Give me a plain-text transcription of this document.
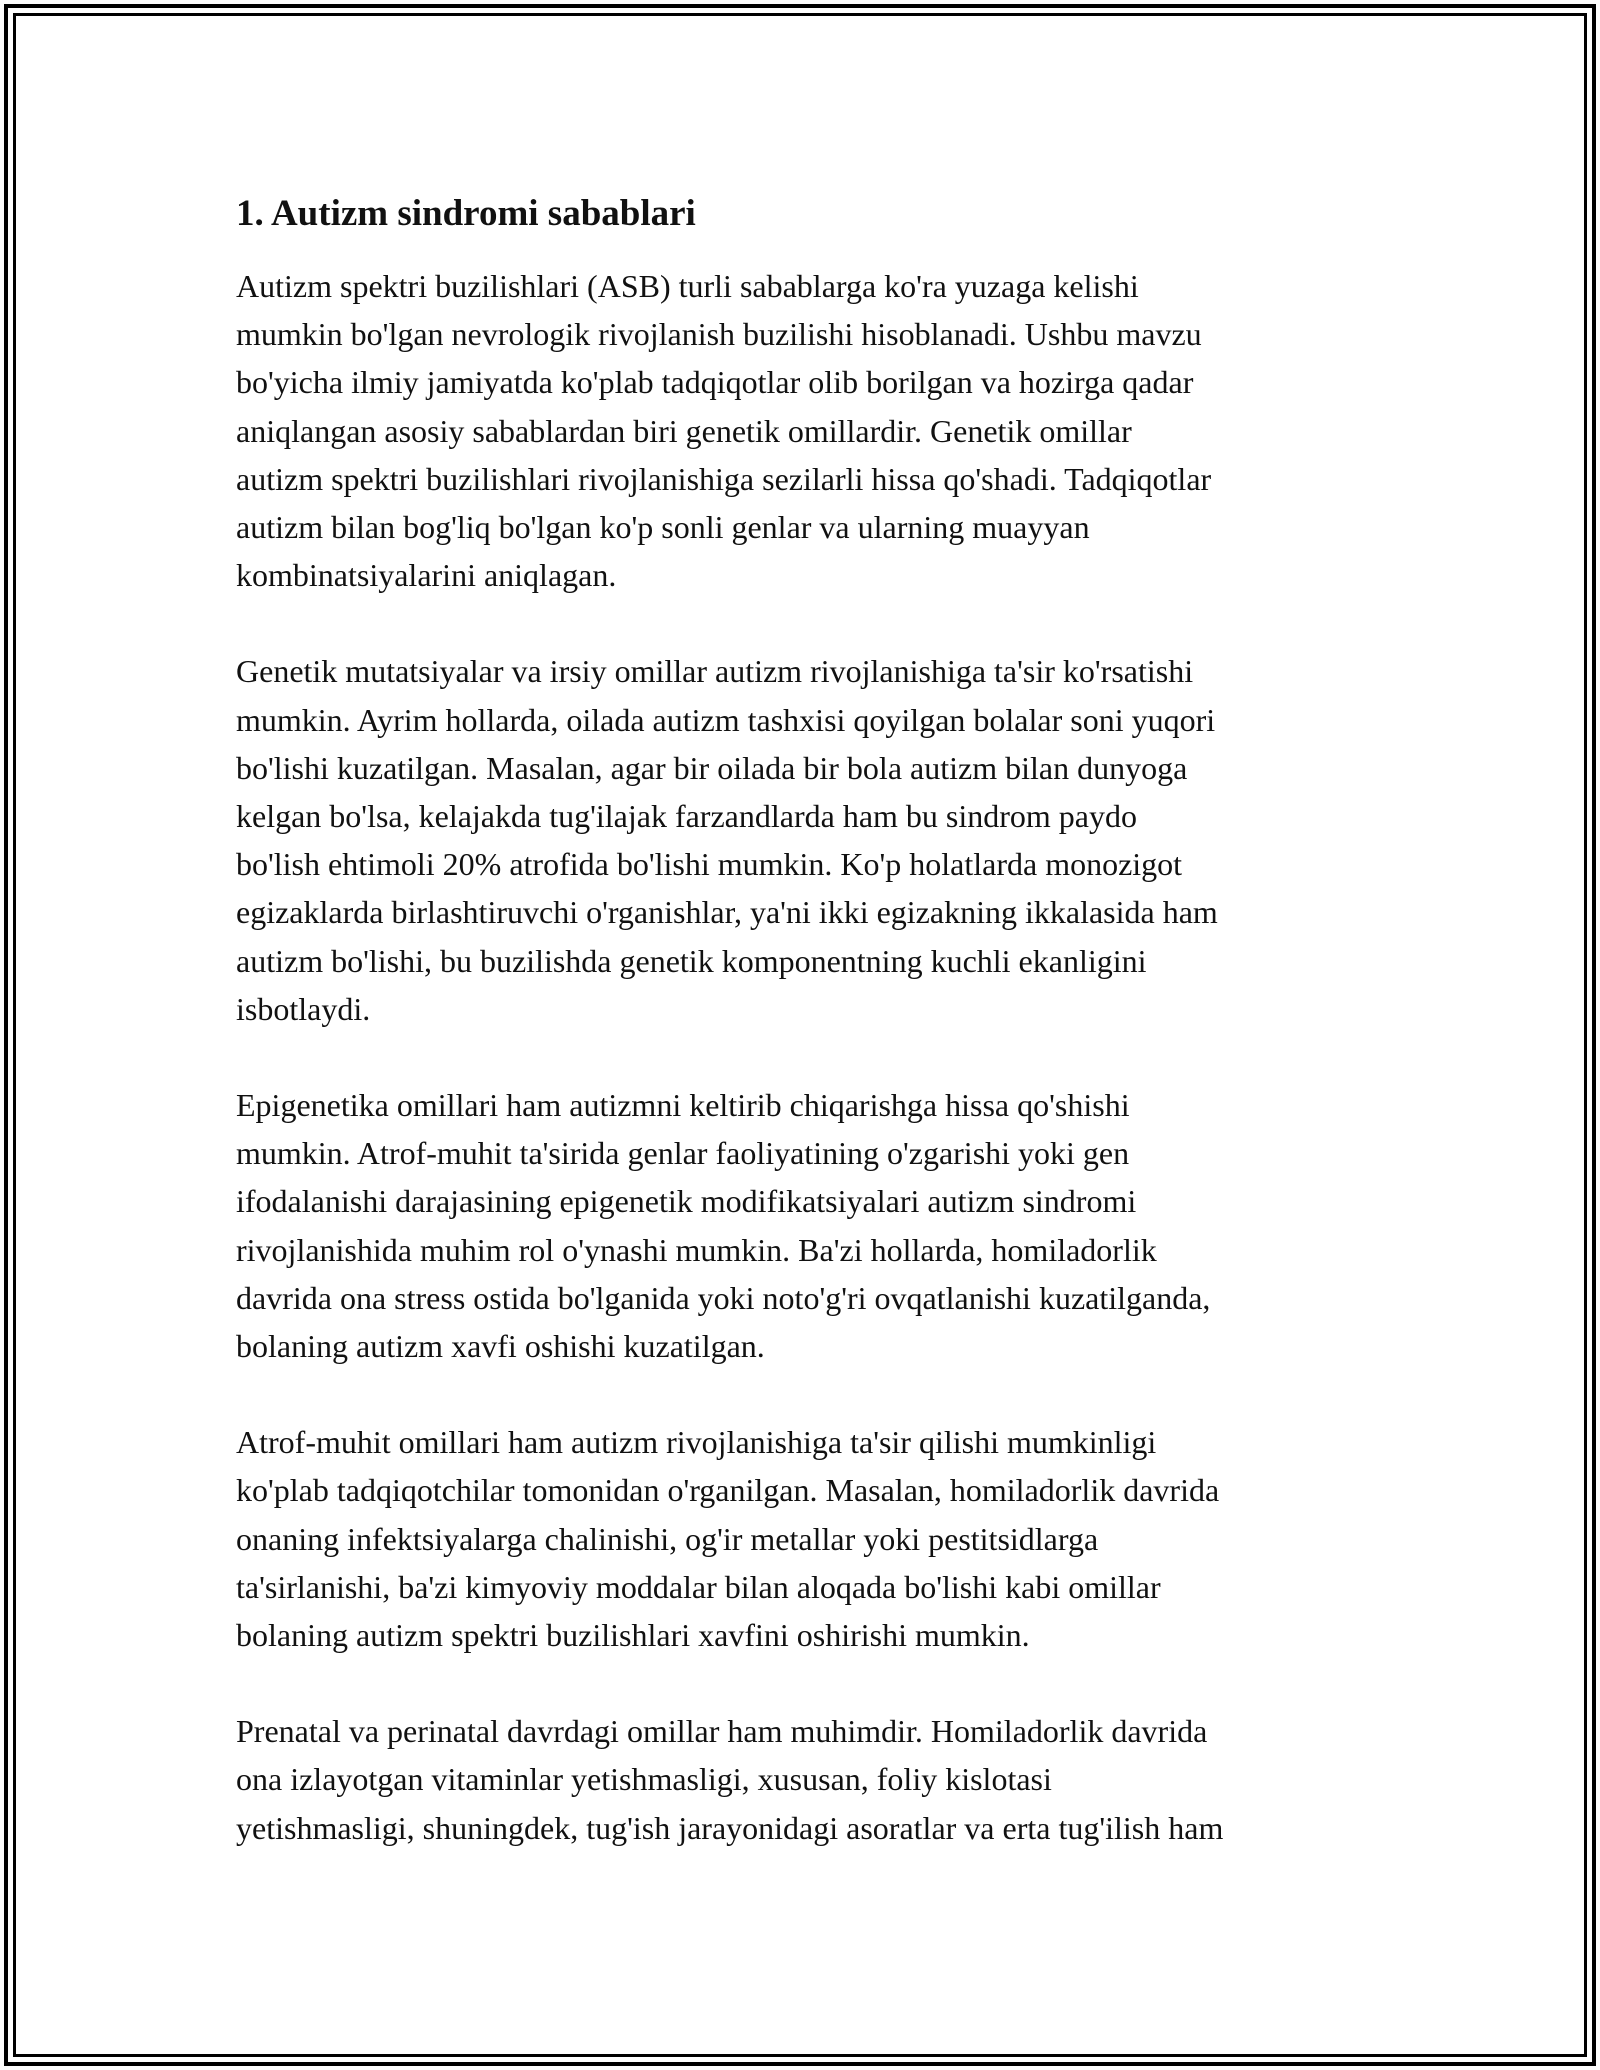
1. Autizm sindromi sabablari

Autizm spektri buzilishlari (ASB) turli sabablarga ko'ra yuzaga kelishi
mumkin bo'lgan nevrologik rivojlanish buzilishi hisoblanadi. Ushbu mavzu
bo'yicha ilmiy jamiyatda ko'plab tadqiqotlar olib borilgan va hozirga qadar
aniqlangan asosiy sabablardan biri genetik omillardir. Genetik omillar
autizm spektri buzilishlari rivojlanishiga sezilarli hissa qo'shadi. Tadqiqotlar
autizm bilan bog'liq bo'lgan ko'p sonli genlar va ularning muayyan
kombinatsiyalarini aniqlagan.

Genetik mutatsiyalar va irsiy omillar autizm rivojlanishiga ta'sir ko'rsatishi
mumkin. Ayrim hollarda, oilada autizm tashxisi qoyilgan bolalar soni yuqori
bo'lishi kuzatilgan. Masalan, agar bir oilada bir bola autizm bilan dunyoga
kelgan bo'lsa, kelajakda tug'ilajak farzandlarda ham bu sindrom paydo
bo'lish ehtimoli 20% atrofida bo'lishi mumkin. Ko'p holatlarda monozigot
egizaklarda birlashtiruvchi o'rganishlar, ya'ni ikki egizakning ikkalasida ham
autizm bo'lishi, bu buzilishda genetik komponentning kuchli ekanligini
isbotlaydi.

Epigenetika omillari ham autizmni keltirib chiqarishga hissa qo'shishi
mumkin. Atrof-muhit ta'sirida genlar faoliyatining o'zgarishi yoki gen
ifodalanishi darajasining epigenetik modifikatsiyalari autizm sindromi
rivojlanishida muhim rol o'ynashi mumkin. Ba'zi hollarda, homiladorlik
davrida ona stress ostida bo'lganida yoki noto'g'ri ovqatlanishi kuzatilganda,
bolaning autizm xavfi oshishi kuzatilgan.

Atrof-muhit omillari ham autizm rivojlanishiga ta'sir qilishi mumkinligi
ko'plab tadqiqotchilar tomonidan o'rganilgan. Masalan, homiladorlik davrida
onaning infektsiyalarga chalinishi, og'ir metallar yoki pestitsidlarga
ta'sirlanishi, ba'zi kimyoviy moddalar bilan aloqada bo'lishi kabi omillar
bolaning autizm spektri buzilishlari xavfini oshirishi mumkin.

Prenatal va perinatal davrdagi omillar ham muhimdir. Homiladorlik davrida
ona izlayotgan vitaminlar yetishmasligi, xususan, foliy kislotasi
yetishmasligi, shuningdek, tug'ish jarayonidagi asoratlar va erta tug'ilish ham
